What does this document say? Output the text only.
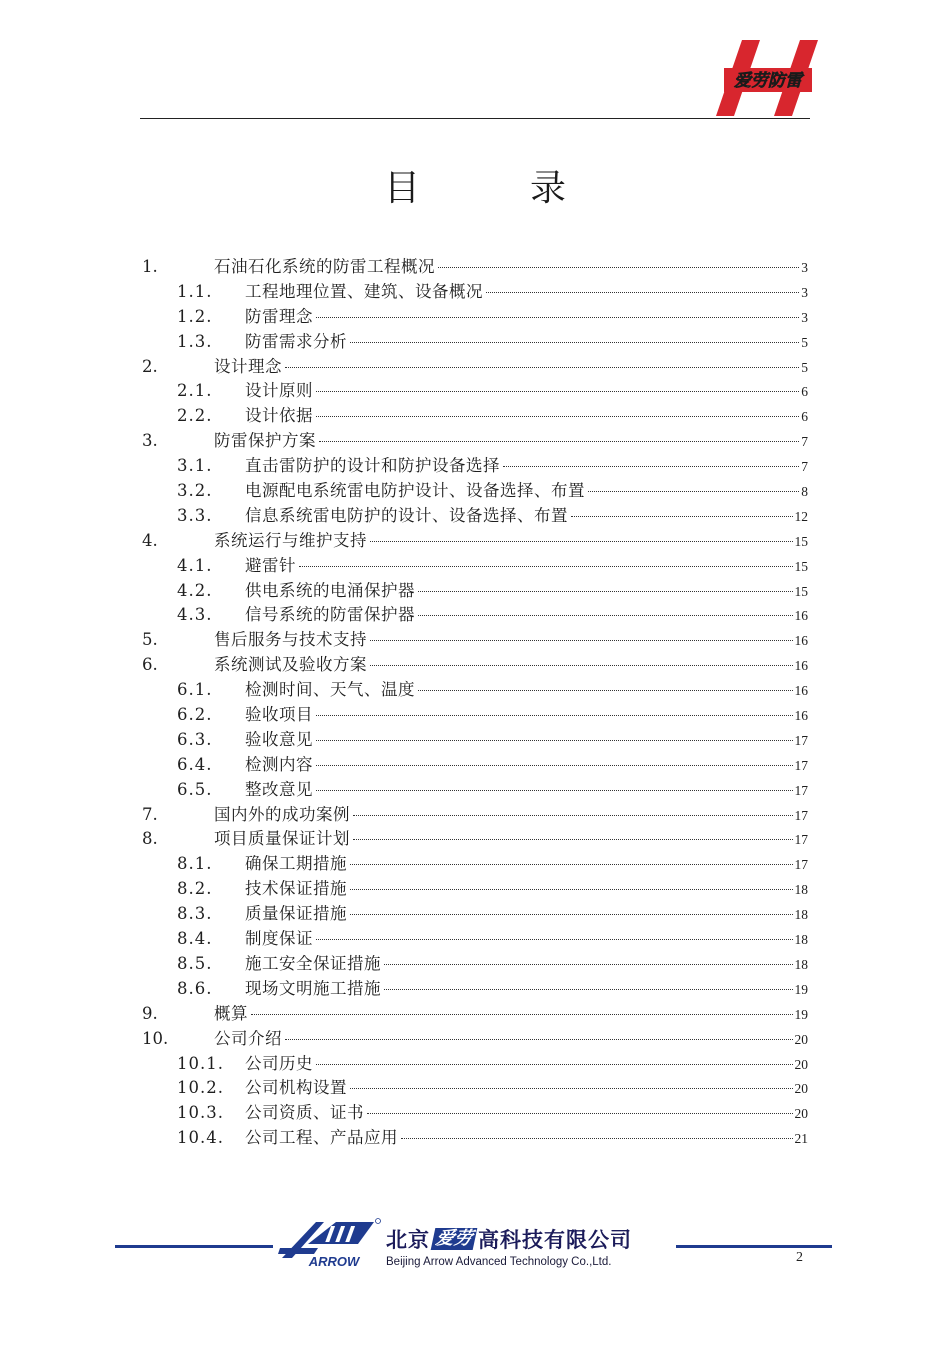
爱劳防雷
目录
1.	石油石化系统的防雷工程概况	3
1.1.	工程地理位置、建筑、设备概况	3
1.2.	防雷理念	3
1.3.	防雷需求分析	5
2.	设计理念	5
2.1.	设计原则	6
2.2.	设计依据	6
3.	防雷保护方案	7
3.1.	直击雷防护的设计和防护设备选择	7
3.2.	电源配电系统雷电防护设计、设备选择、布置	8
3.3.	信息系统雷电防护的设计、设备选择、布置	12
4.	系统运行与维护支持	15
4.1.	避雷针	15
4.2.	供电系统的电涌保护器	15
4.3.	信号系统的防雷保护器	16
5.	售后服务与技术支持	16
6.	系统测试及验收方案	16
6.1.	检测时间、天气、温度	16
6.2.	验收项目	16
6.3.	验收意见	17
6.4.	检测内容	17
6.5.	整改意见	17
7.	国内外的成功案例	17
8.	项目质量保证计划	17
8.1.	确保工期措施	17
8.2.	技术保证措施	18
8.3.	质量保证措施	18
8.4.	制度保证	18
8.5.	施工安全保证措施	18
8.6.	现场文明施工措施	19
9.	概算	19
10.	公司介绍	20
10.1.	公司历史	20
10.2.	公司机构设置	20
10.3.	公司资质、证书	20
10.4.	公司工程、产品应用	21
ARROW
北京 爱劳 高科技有限公司
Beijing Arrow Advanced Technology Co.,Ltd.	2
